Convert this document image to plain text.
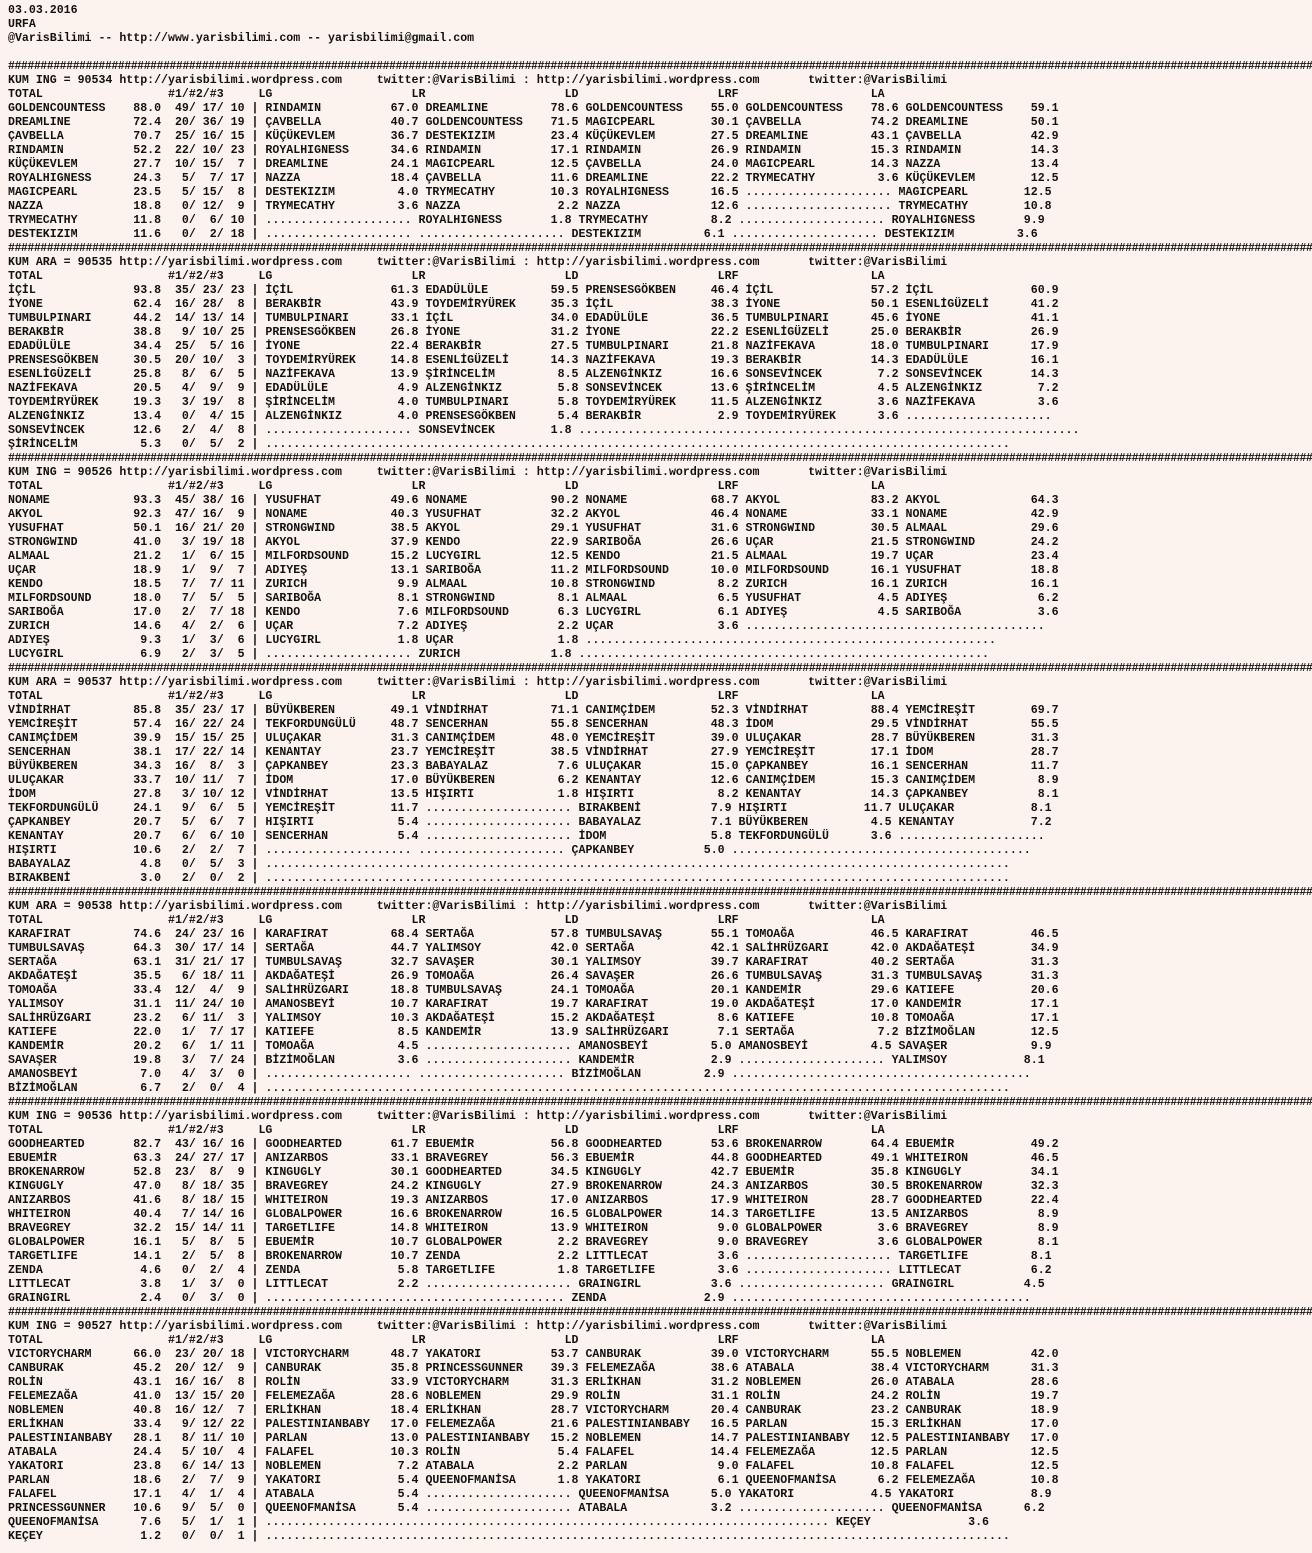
03.03.2016
URFA
@VarisBilimi -- http://www.yarisbilimi.com -- yarisbilimi@gmail.com
##########################################################################################################################################################################################################
KUM ING = 90534 http://yarisbilimi.wordpress.com     twitter:@VarisBilimi : http://yarisbilimi.wordpress.com       twitter:@VarisBilimi
TOTAL                  #1/#2/#3     LG                    LR                    LD                    LRF                   LA
GOLDENCOUNTESS    88.0  49/ 17/ 10 | RINDAMIN          67.0 DREAMLINE         78.6 GOLDENCOUNTESS    55.0 GOLDENCOUNTESS    78.6 GOLDENCOUNTESS    59.1
DREAMLINE         72.4  20/ 36/ 19 | ÇAVBELLA          40.7 GOLDENCOUNTESS    71.5 MAGICPEARL        30.1 ÇAVBELLA          74.2 DREAMLINE         50.1
ÇAVBELLA          70.7  25/ 16/ 15 | KÜÇÜKEVLEM        36.7 DESTEKIZIM        23.4 KÜÇÜKEVLEM        27.5 DREAMLINE         43.1 ÇAVBELLA          42.9
RINDAMIN          52.2  22/ 10/ 23 | ROYALHIGNESS      34.6 RINDAMIN          17.1 RINDAMIN          26.9 RINDAMIN          15.3 RINDAMIN          14.3
KÜÇÜKEVLEM        27.7  10/ 15/  7 | DREAMLINE         24.1 MAGICPEARL        12.5 ÇAVBELLA          24.0 MAGICPEARL        14.3 NAZZA             13.4
ROYALHIGNESS      24.3   5/  7/ 17 | NAZZA             18.4 ÇAVBELLA          11.6 DREAMLINE         22.2 TRYMECATHY         3.6 KÜÇÜKEVLEM        12.5
MAGICPEARL        23.5   5/ 15/  8 | DESTEKIZIM         4.0 TRYMECATHY        10.3 ROYALHIGNESS      16.5 ..................... MAGICPEARL        12.5
NAZZA             18.8   0/ 12/  9 | TRYMECATHY         3.6 NAZZA              2.2 NAZZA             12.6 ..................... TRYMECATHY        10.8
TRYMECATHY        11.8   0/  6/ 10 | ..................... ROYALHIGNESS       1.8 TRYMECATHY         8.2 ..................... ROYALHIGNESS       9.9
DESTEKIZIM        11.6   0/  2/ 18 | ..................... ..................... DESTEKIZIM         6.1 ..................... DESTEKIZIM         3.6
##########################################################################################################################################################################################################
KUM ARA = 90535 http://yarisbilimi.wordpress.com     twitter:@VarisBilimi : http://yarisbilimi.wordpress.com       twitter:@VarisBilimi
TOTAL                  #1/#2/#3     LG                    LR                    LD                    LRF                   LA
İÇİL              93.8  35/ 23/ 23 | İÇİL              61.3 EDADÜLÜLE         59.5 PRENSESGÖKBEN     46.4 İÇİL              57.2 İÇİL              60.9
İYONE             62.4  16/ 28/  8 | BERAKBİR          43.9 TOYDEMİRYÜREK     35.3 İÇİL              38.3 İYONE             50.1 ESENLİGÜZELİ      41.2
TUMBULPINARI      44.2  14/ 13/ 14 | TUMBULPINARI      33.1 İÇİL              34.0 EDADÜLÜLE         36.5 TUMBULPINARI      45.6 İYONE             41.1
BERAKBİR          38.8   9/ 10/ 25 | PRENSESGÖKBEN     26.8 İYONE             31.2 İYONE             22.2 ESENLİGÜZELİ      25.0 BERAKBİR          26.9
EDADÜLÜLE         34.4  25/  5/ 16 | İYONE             22.4 BERAKBİR          27.5 TUMBULPINARI      21.8 NAZİFEKAVA        18.0 TUMBULPINARI      17.9
PRENSESGÖKBEN     30.5  20/ 10/  3 | TOYDEMİRYÜREK     14.8 ESENLİGÜZELİ      14.3 NAZİFEKAVA        19.3 BERAKBİR          14.3 EDADÜLÜLE         16.1
ESENLİGÜZELİ      25.8   8/  6/  5 | NAZİFEKAVA        13.9 ŞİRİNCELİM         8.5 ALZENGİNKIZ       16.6 SONSEVİNCEK        7.2 SONSEVİNCEK       14.3
NAZİFEKAVA        20.5   4/  9/  9 | EDADÜLÜLE          4.9 ALZENGİNKIZ        5.8 SONSEVİNCEK       13.6 ŞİRİNCELİM         4.5 ALZENGİNKIZ        7.2
TOYDEMİRYÜREK     19.3   3/ 19/  8 | ŞİRİNCELİM         4.0 TUMBULPINARI       5.8 TOYDEMİRYÜREK     11.5 ALZENGİNKIZ        3.6 NAZİFEKAVA         3.6
ALZENGİNKIZ       13.4   0/  4/ 15 | ALZENGİNKIZ        4.0 PRENSESGÖKBEN      5.4 BERAKBİR           2.9 TOYDEMİRYÜREK      3.6 .....................
SONSEVİNCEK       12.6   2/  4/  8 | ..................... SONSEVİNCEK        1.8 ........................................................................
ŞİRİNCELİM         5.3   0/  5/  2 | ...........................................................................................................
##########################################################################################################################################################################################################
KUM ING = 90526 http://yarisbilimi.wordpress.com     twitter:@VarisBilimi : http://yarisbilimi.wordpress.com       twitter:@VarisBilimi
TOTAL                  #1/#2/#3     LG                    LR                    LD                    LRF                   LA
NONAME            93.3  45/ 38/ 16 | YUSUFHAT          49.6 NONAME            90.2 NONAME            68.7 AKYOL             83.2 AKYOL             64.3
AKYOL             92.3  47/ 16/  9 | NONAME            40.3 YUSUFHAT          32.2 AKYOL             46.4 NONAME            33.1 NONAME            42.9
YUSUFHAT          50.1  16/ 21/ 20 | STRONGWIND        38.5 AKYOL             29.1 YUSUFHAT          31.6 STRONGWIND        30.5 ALMAAL            29.6
STRONGWIND        41.0   3/ 19/ 18 | AKYOL             37.9 KENDO             22.9 SARIBOĞA          26.6 UÇAR              21.5 STRONGWIND        24.2
ALMAAL            21.2   1/  6/ 15 | MILFORDSOUND      15.2 LUCYGIRL          12.5 KENDO             21.5 ALMAAL            19.7 UÇAR              23.4
UÇAR              18.9   1/  9/  7 | ADIYEŞ            13.1 SARIBOĞA          11.2 MILFORDSOUND      10.0 MILFORDSOUND      16.1 YUSUFHAT          18.8
KENDO             18.5   7/  7/ 11 | ZURICH             9.9 ALMAAL            10.8 STRONGWIND         8.2 ZURICH            16.1 ZURICH            16.1
MILFORDSOUND      18.0   7/  5/  5 | SARIBOĞA           8.1 STRONGWIND         8.1 ALMAAL             6.5 YUSUFHAT           4.5 ADIYEŞ             6.2
SARIBOĞA          17.0   2/  7/ 18 | KENDO              7.6 MILFORDSOUND       6.3 LUCYGIRL           6.1 ADIYEŞ             4.5 SARIBOĞA           3.6
ZURICH            14.6   4/  2/  6 | UÇAR               7.2 ADIYEŞ             2.2 UÇAR               3.6 ...........................................
ADIYEŞ             9.3   1/  3/  6 | LUCYGIRL           1.8 UÇAR               1.8 ...........................................................
LUCYGIRL           6.9   2/  3/  5 | ..................... ZURICH             1.8 ...........................................................
##########################################################################################################################################################################################################
KUM ARA = 90537 http://yarisbilimi.wordpress.com     twitter:@VarisBilimi : http://yarisbilimi.wordpress.com       twitter:@VarisBilimi
TOTAL                  #1/#2/#3     LG                    LR                    LD                    LRF                   LA
VİNDİRHAT         85.8  35/ 23/ 17 | BÜYÜKBEREN        49.1 VİNDİRHAT         71.1 CANIMÇİDEM        52.3 VİNDİRHAT         88.4 YEMCİREŞİT        69.7
YEMCİREŞİT        57.4  16/ 22/ 24 | TEKFORDUNGÜLÜ     48.7 SENCERHAN         55.8 SENCERHAN         48.3 İDOM              29.5 VİNDİRHAT         55.5
CANIMÇİDEM        39.9  15/ 15/ 25 | ULUÇAKAR          31.3 CANIMÇİDEM        48.0 YEMCİREŞİT        39.0 ULUÇAKAR          28.7 BÜYÜKBEREN        31.3
SENCERHAN         38.1  17/ 22/ 14 | KENANTAY          23.7 YEMCİREŞİT        38.5 VİNDİRHAT         27.9 YEMCİREŞİT        17.1 İDOM              28.7
BÜYÜKBEREN        34.3  16/  8/  3 | ÇAPKANBEY         23.3 BABAYALAZ          7.6 ULUÇAKAR          15.0 ÇAPKANBEY         16.1 SENCERHAN         11.7
ULUÇAKAR          33.7  10/ 11/  7 | İDOM              17.0 BÜYÜKBEREN         6.2 KENANTAY          12.6 CANIMÇİDEM        15.3 CANIMÇİDEM         8.9
İDOM              27.8   3/ 10/ 12 | VİNDİRHAT         13.5 HIŞIRTI            1.8 HIŞIRTI            8.2 KENANTAY          14.3 ÇAPKANBEY          8.1
TEKFORDUNGÜLÜ     24.1   9/  6/  5 | YEMCİREŞİT        11.7 ..................... BIRAKBENİ          7.9 HIŞIRTI           11.7 ULUÇAKAR           8.1
ÇAPKANBEY         20.7   5/  6/  7 | HIŞIRTI            5.4 ..................... BABAYALAZ          7.1 BÜYÜKBEREN         4.5 KENANTAY           7.2
KENANTAY          20.7   6/  6/ 10 | SENCERHAN          5.4 ..................... İDOM               5.8 TEKFORDUNGÜLÜ      3.6 .....................
HIŞIRTI           10.6   2/  2/  7 | ..................... ..................... ÇAPKANBEY          5.0 ...........................................
BABAYALAZ          4.8   0/  5/  3 | ...........................................................................................................
BIRAKBENİ          3.0   2/  0/  2 | ...........................................................................................................
##########################################################################################################################################################################################################
KUM ARA = 90538 http://yarisbilimi.wordpress.com     twitter:@VarisBilimi : http://yarisbilimi.wordpress.com       twitter:@VarisBilimi
TOTAL                  #1/#2/#3     LG                    LR                    LD                    LRF                   LA
KARAFIRAT         74.6  24/ 23/ 16 | KARAFIRAT         68.4 SERTAĞA           57.8 TUMBULSAVAŞ       55.1 TOMOAĞA           46.5 KARAFIRAT         46.5
TUMBULSAVAŞ       64.3  30/ 17/ 14 | SERTAĞA           44.7 YALIMSOY          42.0 SERTAĞA           42.1 SALİHRÜZGARI      42.0 AKDAĞATEŞİ        34.9
SERTAĞA           63.1  31/ 21/ 17 | TUMBULSAVAŞ       32.7 SAVAŞER           30.1 YALIMSOY          39.7 KARAFIRAT         40.2 SERTAĞA           31.3
AKDAĞATEŞİ        35.5   6/ 18/ 11 | AKDAĞATEŞİ        26.9 TOMOAĞA           26.4 SAVAŞER           26.6 TUMBULSAVAŞ       31.3 TUMBULSAVAŞ       31.3
TOMOAĞA           33.4  12/  4/  9 | SALİHRÜZGARI      18.8 TUMBULSAVAŞ       24.1 TOMOAĞA           20.1 KANDEMİR          29.6 KATIEFE           20.6
YALIMSOY          31.1  11/ 24/ 10 | AMANOSBEYİ        10.7 KARAFIRAT         19.7 KARAFIRAT         19.0 AKDAĞATEŞİ        17.0 KANDEMİR          17.1
SALİHRÜZGARI      23.2   6/ 11/  3 | YALIMSOY          10.3 AKDAĞATEŞİ        15.2 AKDAĞATEŞİ         8.6 KATIEFE           10.8 TOMOAĞA           17.1
KATIEFE           22.0   1/  7/ 17 | KATIEFE            8.5 KANDEMİR          13.9 SALİHRÜZGARI       7.1 SERTAĞA            7.2 BİZİMOĞLAN        12.5
KANDEMİR          20.2   6/  1/ 11 | TOMOAĞA            4.5 ..................... AMANOSBEYİ         5.0 AMANOSBEYİ         4.5 SAVAŞER            9.9
SAVAŞER           19.8   3/  7/ 24 | BİZİMOĞLAN         3.6 ..................... KANDEMİR           2.9 ..................... YALIMSOY           8.1
AMANOSBEYİ         7.0   4/  3/  0 | ..................... ..................... BİZİMOĞLAN         2.9 ...........................................
BİZİMOĞLAN         6.7   2/  0/  4 | ...........................................................................................................
##########################################################################################################################################################################################################
KUM ING = 90536 http://yarisbilimi.wordpress.com     twitter:@VarisBilimi : http://yarisbilimi.wordpress.com       twitter:@VarisBilimi
TOTAL                  #1/#2/#3     LG                    LR                    LD                    LRF                   LA
GOODHEARTED       82.7  43/ 16/ 16 | GOODHEARTED       61.7 EBUEMİR           56.8 GOODHEARTED       53.6 BROKENARROW       64.4 EBUEMİR           49.2
EBUEMİR           63.3  24/ 27/ 17 | ANIZARBOS         33.1 BRAVEGREY         56.3 EBUEMİR           44.8 GOODHEARTED       49.1 WHITEIRON         46.5
BROKENARROW       52.8  23/  8/  9 | KINGUGLY          30.1 GOODHEARTED       34.5 KINGUGLY          42.7 EBUEMİR           35.8 KINGUGLY          34.1
KINGUGLY          47.0   8/ 18/ 35 | BRAVEGREY         24.2 KINGUGLY          27.9 BROKENARROW       24.3 ANIZARBOS         30.5 BROKENARROW       32.3
ANIZARBOS         41.6   8/ 18/ 15 | WHITEIRON         19.3 ANIZARBOS         17.0 ANIZARBOS         17.9 WHITEIRON         28.7 GOODHEARTED       22.4
WHITEIRON         40.4   7/ 14/ 16 | GLOBALPOWER       16.6 BROKENARROW       16.5 GLOBALPOWER       14.3 TARGETLIFE        13.5 ANIZARBOS          8.9
BRAVEGREY         32.2  15/ 14/ 11 | TARGETLIFE        14.8 WHITEIRON         13.9 WHITEIRON          9.0 GLOBALPOWER        3.6 BRAVEGREY          8.9
GLOBALPOWER       16.1   5/  8/  5 | EBUEMİR           10.7 GLOBALPOWER        2.2 BRAVEGREY          9.0 BRAVEGREY          3.6 GLOBALPOWER        8.1
TARGETLIFE        14.1   2/  5/  8 | BROKENARROW       10.7 ZENDA              2.2 LITTLECAT          3.6 ..................... TARGETLIFE         8.1
ZENDA              4.6   0/  2/  4 | ZENDA              5.8 TARGETLIFE         1.8 TARGETLIFE         3.6 ..................... LITTLECAT          6.2
LITTLECAT          3.8   1/  3/  0 | LITTLECAT          2.2 ..................... GRAINGIRL          3.6 ..................... GRAINGIRL          4.5
GRAINGIRL          2.4   0/  3/  0 | ........................................... ZENDA              2.9 ...........................................
##########################################################################################################################################################################################################
KUM ING = 90527 http://yarisbilimi.wordpress.com     twitter:@VarisBilimi : http://yarisbilimi.wordpress.com       twitter:@VarisBilimi
TOTAL                  #1/#2/#3     LG                    LR                    LD                    LRF                   LA
VICTORYCHARM      66.0  23/ 20/ 18 | VICTORYCHARM      48.7 YAKATORI          53.7 CANBURAK          39.0 VICTORYCHARM      55.5 NOBLEMEN          42.0
CANBURAK          45.2  20/ 12/  9 | CANBURAK          35.8 PRINCESSGUNNER    39.3 FELEMEZAĞA        38.6 ATABALA           38.4 VICTORYCHARM      31.3
ROLİN             43.1  16/ 16/  8 | ROLİN             33.9 VICTORYCHARM      31.3 ERLİKHAN          31.2 NOBLEMEN          26.0 ATABALA           28.6
FELEMEZAĞA        41.0  13/ 15/ 20 | FELEMEZAĞA        28.6 NOBLEMEN          29.9 ROLİN             31.1 ROLİN             24.2 ROLİN             19.7
NOBLEMEN          40.8  16/ 12/  7 | ERLİKHAN          18.4 ERLİKHAN          28.7 VICTORYCHARM      20.4 CANBURAK          23.2 CANBURAK          18.9
ERLİKHAN          33.4   9/ 12/ 22 | PALESTINIANBABY   17.0 FELEMEZAĞA        21.6 PALESTINIANBABY   16.5 PARLAN            15.3 ERLİKHAN          17.0
PALESTINIANBABY   28.1   8/ 11/ 10 | PARLAN            13.0 PALESTINIANBABY   15.2 NOBLEMEN          14.7 PALESTINIANBABY   12.5 PALESTINIANBABY   17.0
ATABALA           24.4   5/ 10/  4 | FALAFEL           10.3 ROLİN              5.4 FALAFEL           14.4 FELEMEZAĞA        12.5 PARLAN            12.5
YAKATORI          23.8   6/ 14/ 13 | NOBLEMEN           7.2 ATABALA            2.2 PARLAN             9.0 FALAFEL           10.8 FALAFEL           12.5
PARLAN            18.6   2/  7/  9 | YAKATORI           5.4 QUEENOFMANİSA      1.8 YAKATORI           6.1 QUEENOFMANİSA      6.2 FELEMEZAĞA        10.8
FALAFEL           17.1   4/  1/  4 | ATABALA            5.4 ..................... QUEENOFMANİSA      5.0 YAKATORI           4.5 YAKATORI           8.9
PRINCESSGUNNER    10.6   9/  5/  0 | QUEENOFMANİSA      5.4 ..................... ATABALA            3.2 ..................... QUEENOFMANİSA      6.2
QUEENOFMANİSA      7.6   5/  1/  1 | ................................................................................. KEÇEY              3.6
KEÇEY              1.2   0/  0/  1 | ...........................................................................................................
